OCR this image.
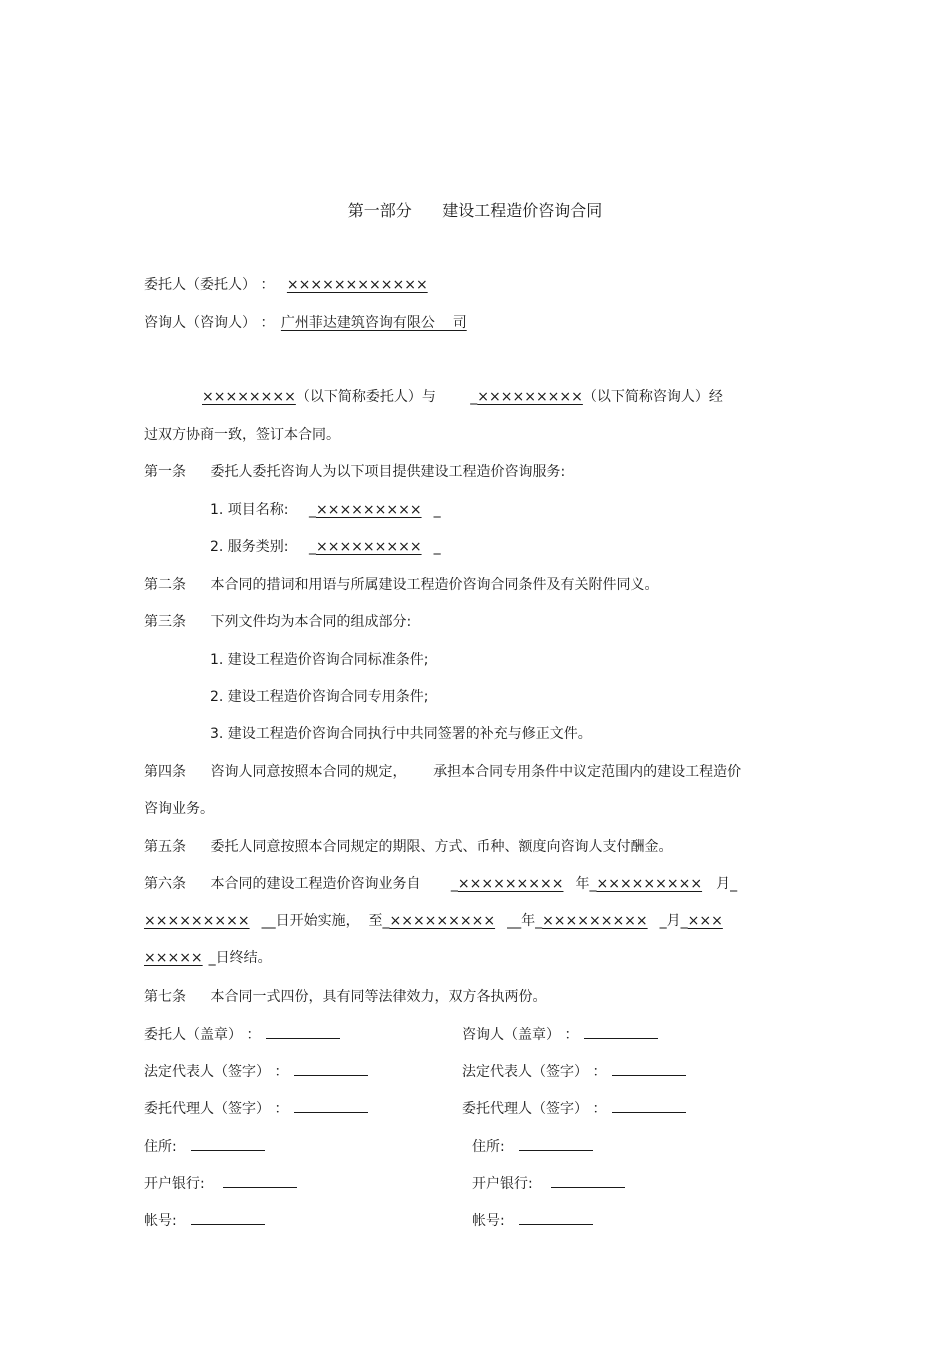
第一部分      建设工程造价咨询合同
委托人（委托人） ： ××××××××××××
咨询人（咨询人） ： 广州菲达建筑咨询有限公    司
××××××××（以下简称委托人）与 _×××××××××（以下简称咨询人）经
过双方协商一致，签订本合同。
第一条 委托人委托咨询人为以下项目提供建设工程造价咨询服务:
1. 项目名称: _××××××××× _
2. 服务类别: _××××××××× _
第二条 本合同的措词和用语与所属建设工程造价咨询合同条件及有关附件同义。
第三条 下列文件均为本合同的组成部分:
1. 建设工程造价咨询合同标准条件;
2. 建设工程造价咨询合同专用条件;
3. 建设工程造价咨询合同执行中共同签署的补充与修正文件。
第四条 咨询人同意按照本合同的规定，      承担本合同专用条件中议定范围内的建设工程造价
咨询业务。
第五条 委托人同意按照本合同规定的期限、方式、币种、额度向咨询人支付酬金。
第六条 本合同的建设工程造价咨询业务自 _××××××××× 年_××××××××× 月_
××××××××× __日开始实施，  至_××××××××× __年_××××××××× _月_×××
××××× _日终结。
第七条 本合同一式四份，具有同等法律效力，双方各执两份。
委托人（盖章） ：
法定代表人（签字） ：
委托代理人（签字） ：
住所:
开户银行:
帐号:
咨询人（盖章） ：
法定代表人（签字） ：
委托代理人（签字） ：
住所:
开户银行:
帐号:
